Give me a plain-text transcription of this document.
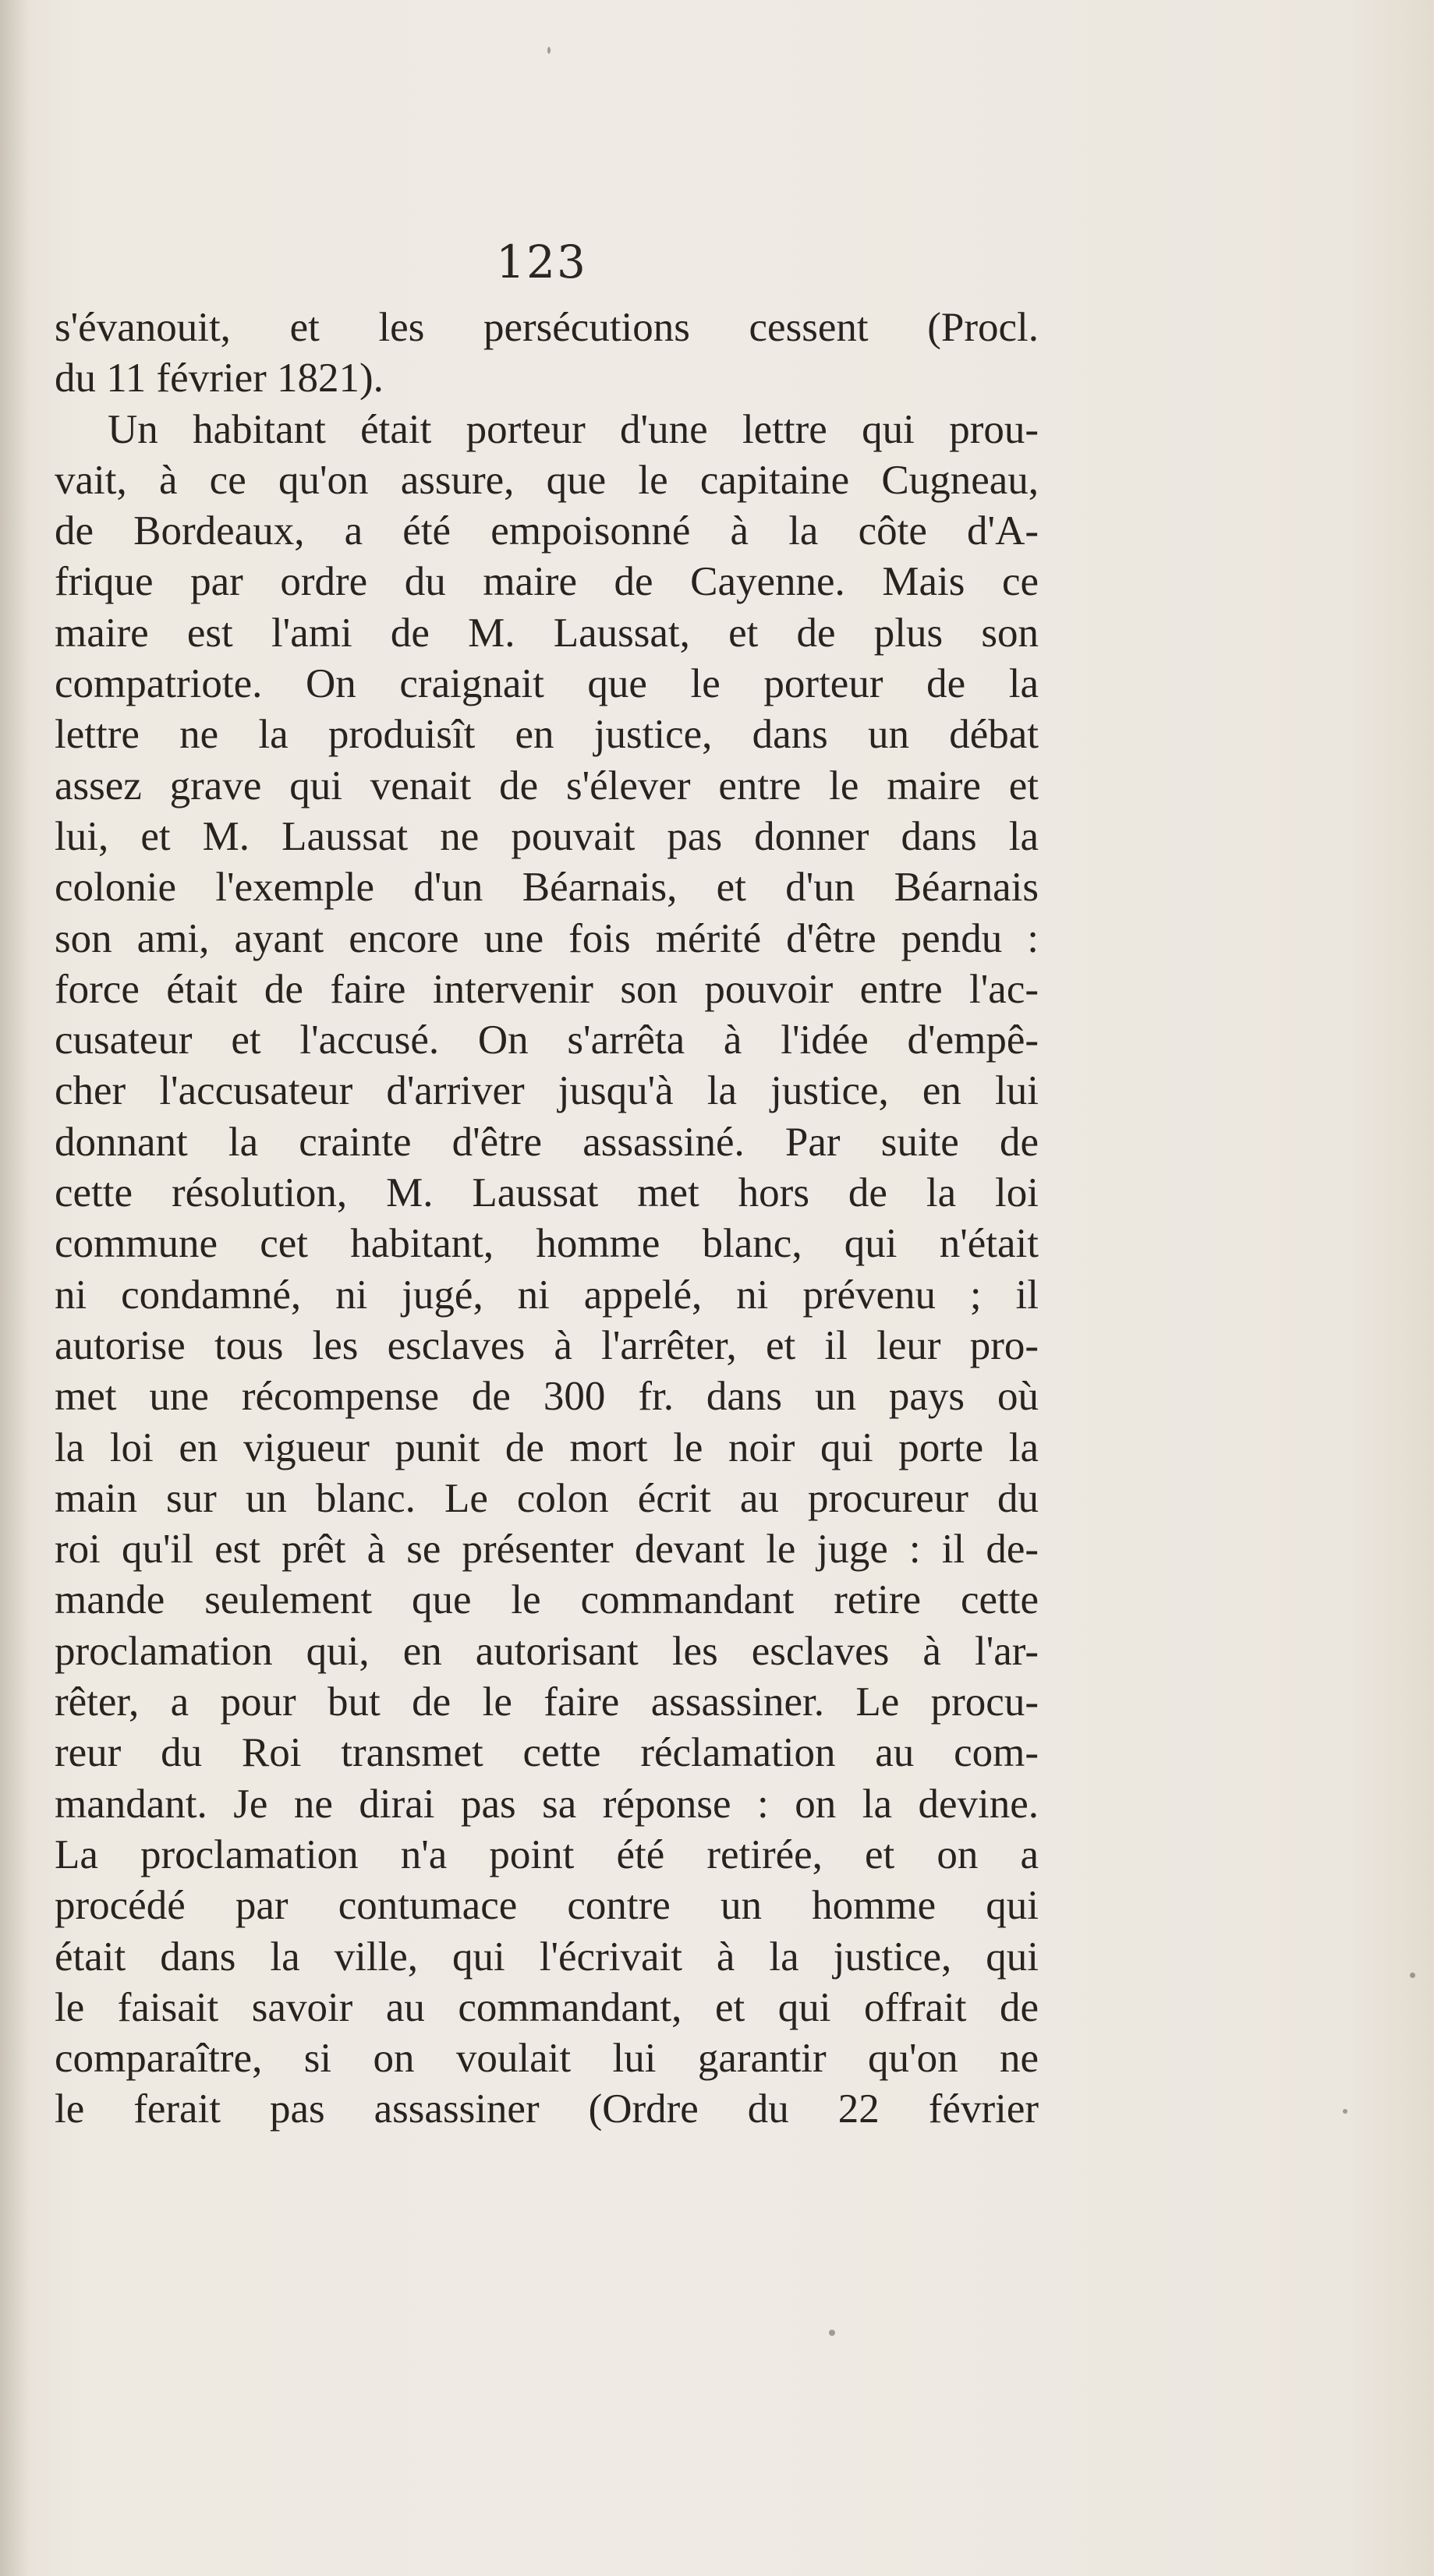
123
s'évanouit, et les persécutions cessent (Procl.
du 11 février 1821).
Un habitant était porteur d'une lettre qui prou-
vait, à ce qu'on assure, que le capitaine Cugneau,
de Bordeaux, a été empoisonné à la côte d'A-
frique par ordre du maire de Cayenne. Mais ce
maire est l'ami de M. Laussat, et de plus son
compatriote. On craignait que le porteur de la
lettre ne la produisît en justice, dans un débat
assez grave qui venait de s'élever entre le maire et
lui, et M. Laussat ne pouvait pas donner dans la
colonie l'exemple d'un Béarnais, et d'un Béarnais
son ami, ayant encore une fois mérité d'être pendu :
force était de faire intervenir son pouvoir entre l'ac-
cusateur et l'accusé. On s'arrêta à l'idée d'empê-
cher l'accusateur d'arriver jusqu'à la justice, en lui
donnant la crainte d'être assassiné. Par suite de
cette résolution, M. Laussat met hors de la loi
commune cet habitant, homme blanc, qui n'était
ni condamné, ni jugé, ni appelé, ni prévenu ; il
autorise tous les esclaves à l'arrêter, et il leur pro-
met une récompense de 300 fr. dans un pays où
la loi en vigueur punit de mort le noir qui porte la
main sur un blanc. Le colon écrit au procureur du
roi qu'il est prêt à se présenter devant le juge : il de-
mande seulement que le commandant retire cette
proclamation qui, en autorisant les esclaves à l'ar-
rêter, a pour but de le faire assassiner. Le procu-
reur du Roi transmet cette réclamation au com-
mandant. Je ne dirai pas sa réponse : on la devine.
La proclamation n'a point été retirée, et on a
procédé par contumace contre un homme qui
était dans la ville, qui l'écrivait à la justice, qui
le faisait savoir au commandant, et qui offrait de
comparaître, si on voulait lui garantir qu'on ne
le ferait pas assassiner (Ordre du 22 février
